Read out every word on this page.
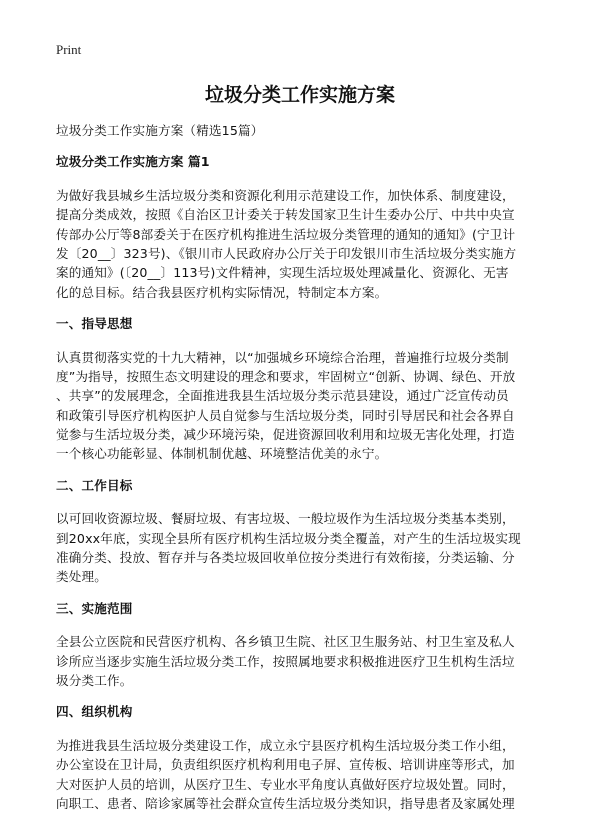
Print
垃圾分类工作实施方案
垃圾分类工作实施方案（精选15篇）
垃圾分类工作实施方案 篇1
为做好我县城乡生活垃圾分类和资源化利用示范建设工作，加快体系、制度建设，
提高分类成效，按照《自治区卫计委关于转发国家卫生计生委办公厅、中共中央宣
传部办公厅等8部委关于在医疗机构推进生活垃圾分类管理的通知的通知》(宁卫计
发〔20__〕323号)、《银川市人民政府办公厅关于印发银川市生活垃圾分类实施方
案的通知》(〔20__〕113号)文件精神，实现生活垃圾处理减量化、资源化、无害
化的总目标。结合我县医疗机构实际情况，特制定本方案。
一、指导思想
认真贯彻落实党的十九大精神，以“加强城乡环境综合治理，普遍推行垃圾分类制
度”为指导，按照生态文明建设的理念和要求，牢固树立“创新、协调、绿色、开放
、共享”的发展理念，全面推进我县生活垃圾分类示范县建设，通过广泛宣传动员
和政策引导医疗机构医护人员自觉参与生活垃圾分类，同时引导居民和社会各界自
觉参与生活垃圾分类，减少环境污染，促进资源回收利用和垃圾无害化处理，打造
一个核心功能彰显、体制机制优越、环境整洁优美的永宁。
二、工作目标
以可回收资源垃圾、餐厨垃圾、有害垃圾、一般垃圾作为生活垃圾分类基本类别，
到20xx年底，实现全县所有医疗机构生活垃圾分类全覆盖，对产生的生活垃圾实现
准确分类、投放、暂存并与各类垃圾回收单位按分类进行有效衔接，分类运输、分
类处理。
三、实施范围
全县公立医院和民营医疗机构、各乡镇卫生院、社区卫生服务站、村卫生室及私人
诊所应当逐步实施生活垃圾分类工作，按照属地要求积极推进医疗卫生机构生活垃
圾分类工作。
四、组织机构
为推进我县生活垃圾分类建设工作，成立永宁县医疗机构生活垃圾分类工作小组，
办公室设在卫计局，负责组织医疗机构利用电子屏、宣传板、培训讲座等形式，加
大对医护人员的培训，从医疗卫生、专业水平角度认真做好医疗垃圾处置。同时，
向职工、患者、陪诊家属等社会群众宣传生活垃圾分类知识，指导患者及家属处理
